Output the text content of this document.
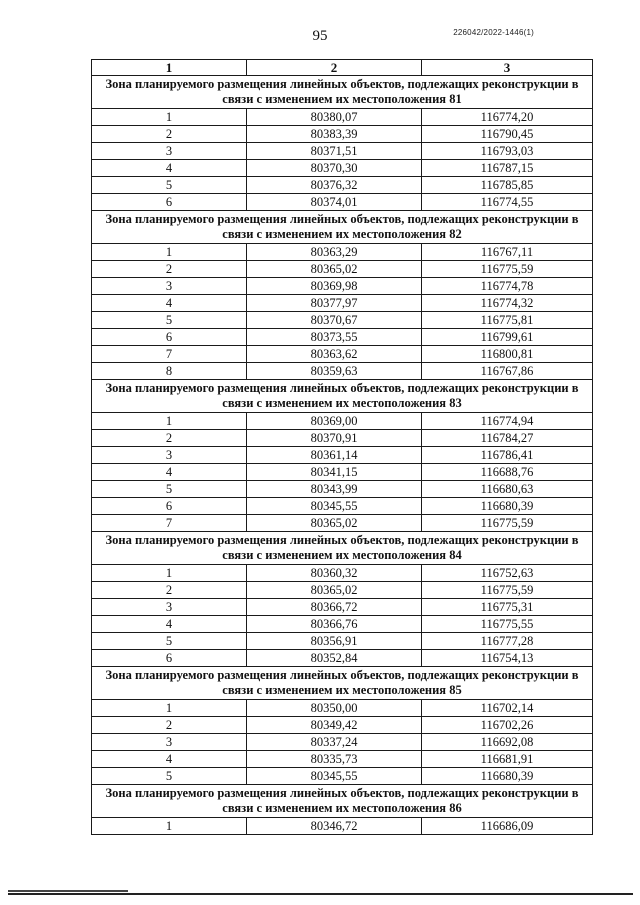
95	226042/2022-1446(1)
1	2	3
Зона планируемого размещения линейных объектов, подлежащих реконструкции в связи с изменением их местоположения 81		
1	80380,07	116774,20
2	80383,39	116790,45
3	80371,51	116793,03
4	80370,30	116787,15
5	80376,32	116785,85
6	80374,01	116774,55
Зона планируемого размещения линейных объектов, подлежащих реконструкции в связи с изменением их местоположения 82		
1	80363,29	116767,11
2	80365,02	116775,59
3	80369,98	116774,78
4	80377,97	116774,32
5	80370,67	116775,81
6	80373,55	116799,61
7	80363,62	116800,81
8	80359,63	116767,86
Зона планируемого размещения линейных объектов, подлежащих реконструкции в связи с изменением их местоположения 83		
1	80369,00	116774,94
2	80370,91	116784,27
3	80361,14	116786,41
4	80341,15	116688,76
5	80343,99	116680,63
6	80345,55	116680,39
7	80365,02	116775,59
Зона планируемого размещения линейных объектов, подлежащих реконструкции в связи с изменением их местоположения 84		
1	80360,32	116752,63
2	80365,02	116775,59
3	80366,72	116775,31
4	80366,76	116775,55
5	80356,91	116777,28
6	80352,84	116754,13
Зона планируемого размещения линейных объектов, подлежащих реконструкции в связи с изменением их местоположения 85		
1	80350,00	116702,14
2	80349,42	116702,26
3	80337,24	116692,08
4	80335,73	116681,91
5	80345,55	116680,39
Зона планируемого размещения линейных объектов, подлежащих реконструкции в связи с изменением их местоположения 86		
1	80346,72	116686,09
